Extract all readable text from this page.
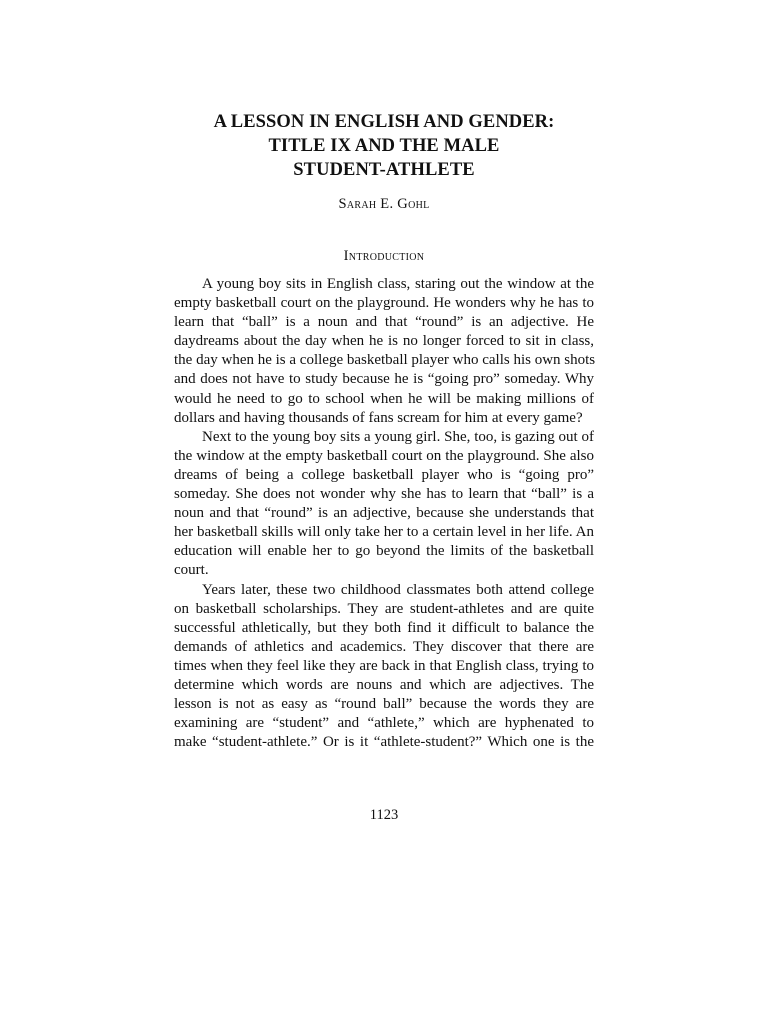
A LESSON IN ENGLISH AND GENDER:
TITLE IX AND THE MALE
STUDENT-ATHLETE
Sarah E. Gohl
Introduction
A young boy sits in English class, staring out the window at the
empty basketball court on the playground. He wonders why he has to
learn that “ball” is a noun and that “round” is an adjective. He
daydreams about the day when he is no longer forced to sit in class,
the day when he is a college basketball player who calls his own shots
and does not have to study because he is “going pro” someday. Why
would he need to go to school when he will be making millions of
dollars and having thousands of fans scream for him at every game?
Next to the young boy sits a young girl. She, too, is gazing out of
the window at the empty basketball court on the playground. She also
dreams of being a college basketball player who is “going pro”
someday. She does not wonder why she has to learn that “ball” is a
noun and that “round” is an adjective, because she understands that
her basketball skills will only take her to a certain level in her life. An
education will enable her to go beyond the limits of the basketball
court.
Years later, these two childhood classmates both attend college
on basketball scholarships. They are student-athletes and are quite
successful athletically, but they both find it difficult to balance the
demands of athletics and academics. They discover that there are
times when they feel like they are back in that English class, trying to
determine which words are nouns and which are adjectives. The
lesson is not as easy as “round ball” because the words they are
examining are “student” and “athlete,” which are hyphenated to
make “student-athlete.” Or is it “athlete-student?” Which one is the
1123
